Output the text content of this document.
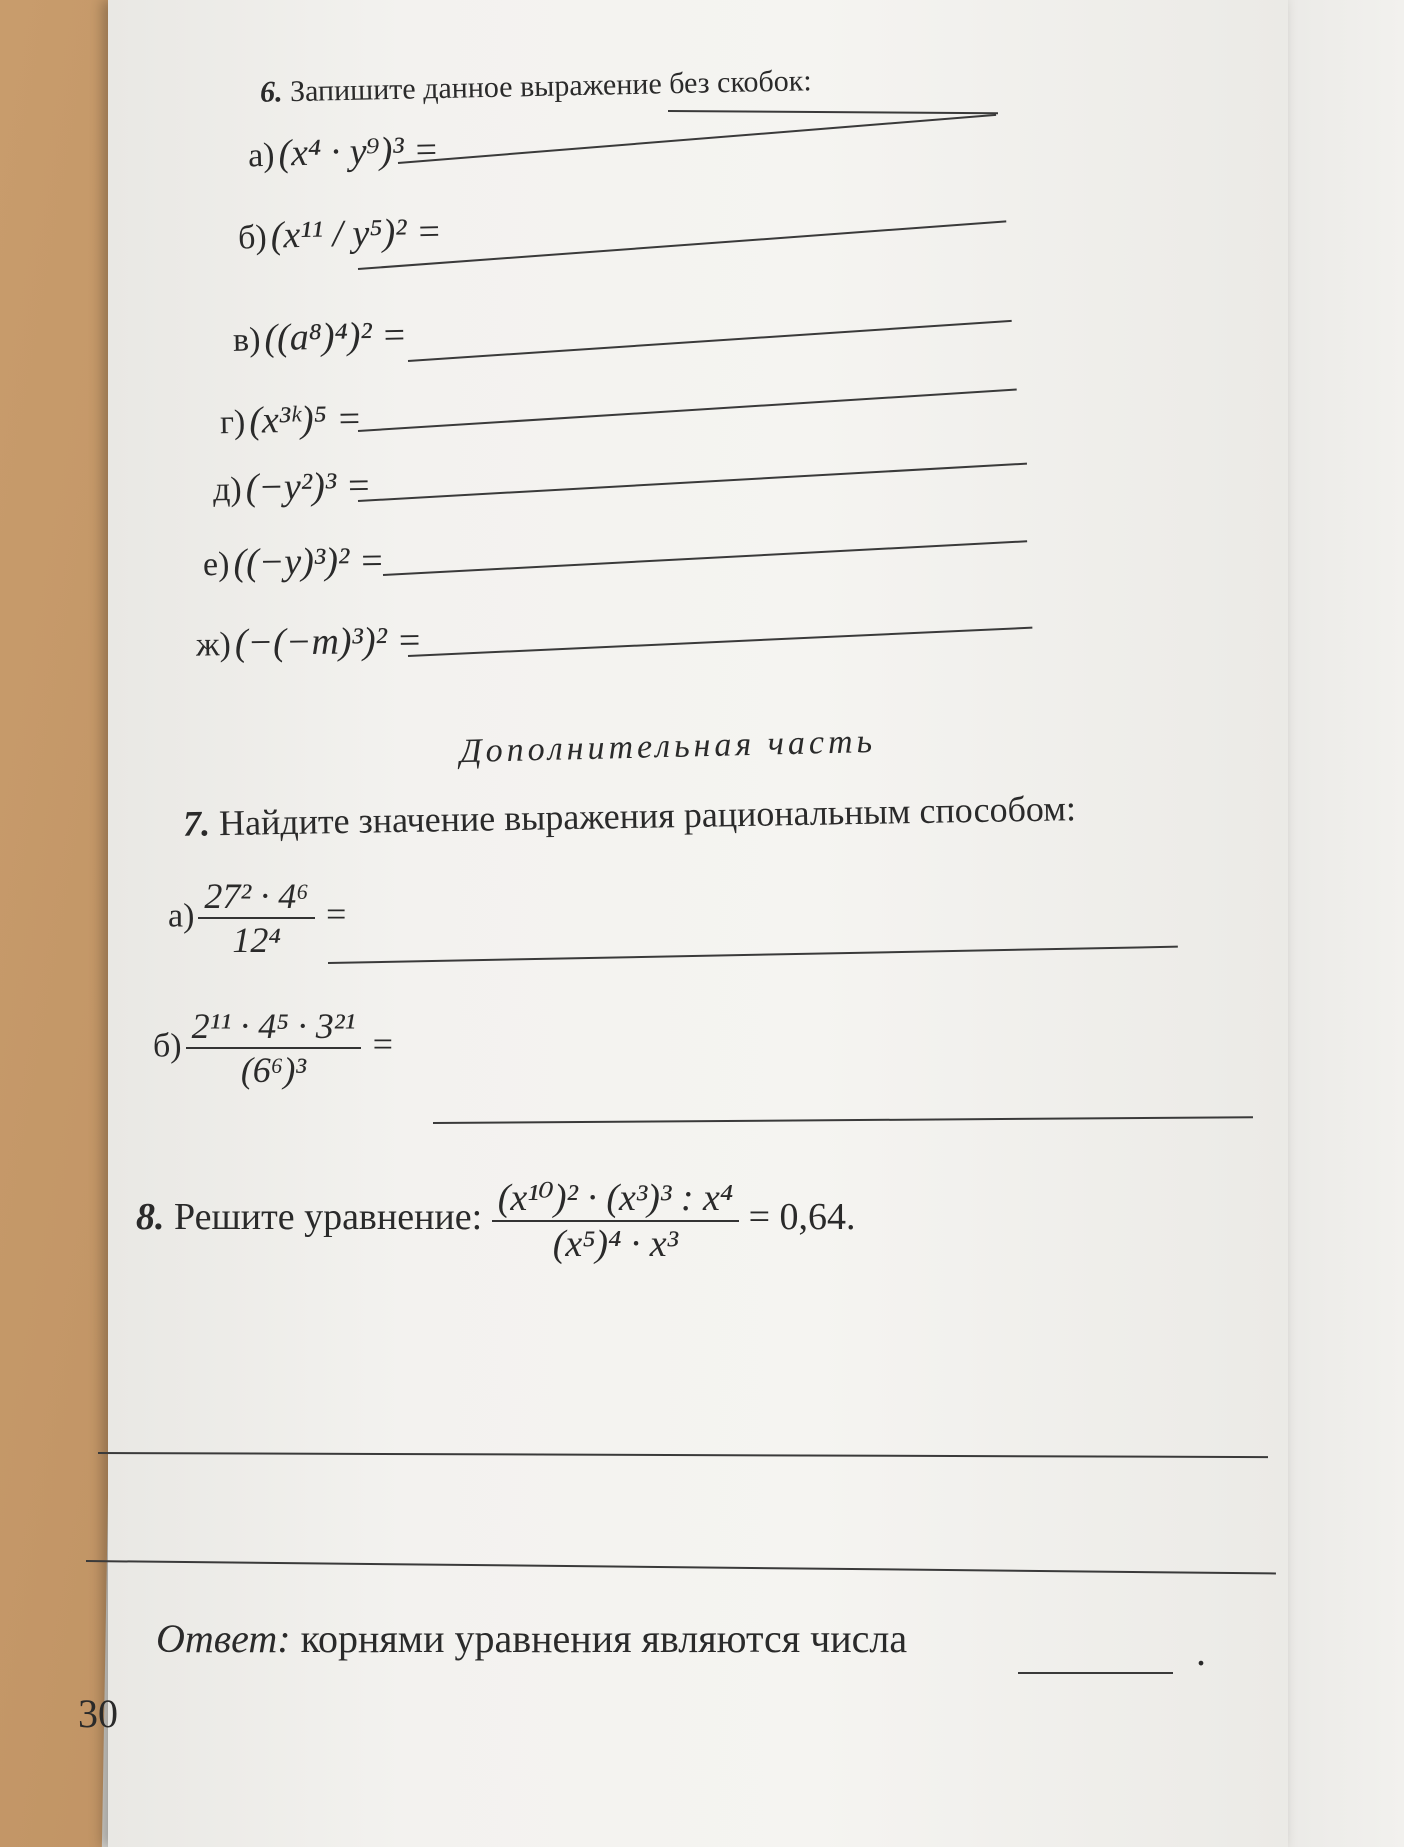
6. Запишите данное выражение без скобок:
а) (x⁴ · y⁹)³ =
б) (x¹¹ / y⁵)² =
в) ((a⁸)⁴)² =
г) (x³ᵏ)⁵ =
д) (−y²)³ =
е) ((−y)³)² =
ж) (−(−m)³)² =
Дополнительная часть
7. Найдите значение выражения рациональным способом:
$а) \frac{\text{27² · 4⁶}}{\text{12⁴}}$ =
$б) \frac{\text{2¹¹ · 4⁵ · 3²¹}}{\text{(6⁶)³}}$ =
8. Решите уравнение: $\frac{\text{(x¹⁰)² · (x³)³ : x⁴}}{\text{(x⁵)⁴ · x³}} = 0,64$.
Ответ: корнями уравнения являются числа	.
30
